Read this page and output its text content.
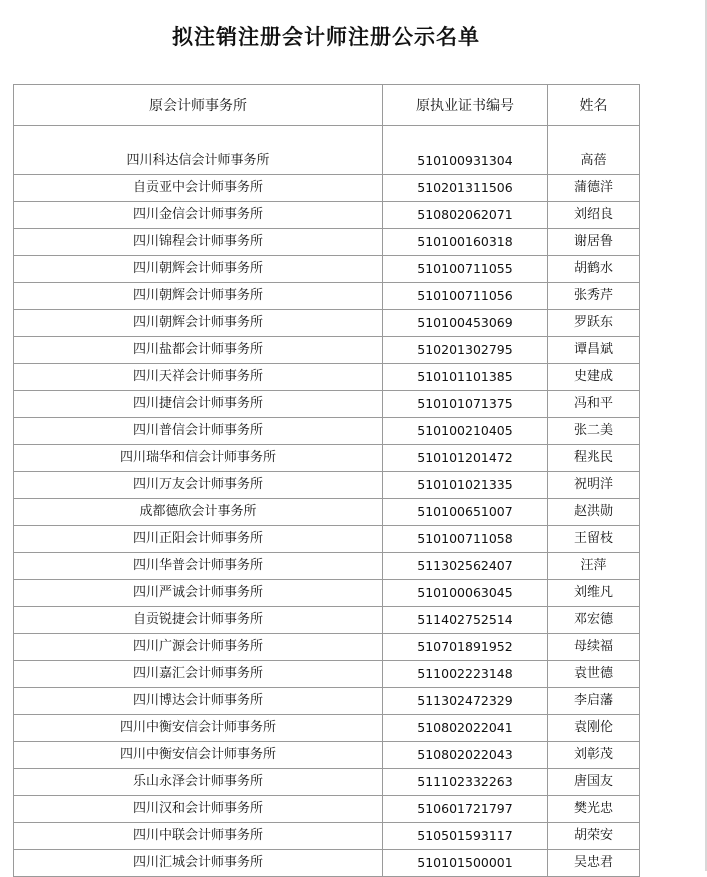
拟注销注册会计师注册公示名单
原会计师事务所	原执业证书编号	姓名
四川科达信会计师事务所	510100931304	高蓓
自贡亚中会计师事务所	510201311506	蒲德洋
四川金信会计师事务所	510802062071	刘绍良
四川锦程会计师事务所	510100160318	谢居鲁
四川朝辉会计师事务所	510100711055	胡鹤水
四川朝辉会计师事务所	510100711056	张秀芹
四川朝辉会计师事务所	510100453069	罗跃东
四川盐都会计师事务所	510201302795	谭昌斌
四川天祥会计师事务所	510101101385	史建成
四川捷信会计师事务所	510101071375	冯和平
四川普信会计师事务所	510100210405	张二美
四川瑞华和信会计师事务所	510101201472	程兆民
四川万友会计师事务所	510101021335	祝明洋
成都德欣会计事务所	510100651007	赵洪勋
四川正阳会计师事务所	510100711058	王留枝
四川华普会计师事务所	511302562407	汪萍
四川严诚会计师事务所	510100063045	刘维凡
自贡锐捷会计师事务所	511402752514	邓宏德
四川广源会计师事务所	510701891952	母续福
四川嘉汇会计师事务所	511002223148	袁世德
四川博达会计师事务所	511302472329	李启藩
四川中衡安信会计师事务所	510802022041	袁刚伦
四川中衡安信会计师事务所	510802022043	刘彰茂
乐山永泽会计师事务所	511102332263	唐国友
四川汉和会计师事务所	510601721797	樊光忠
四川中联会计师事务所	510501593117	胡荣安
四川汇城会计师事务所	510101500001	吴忠君
